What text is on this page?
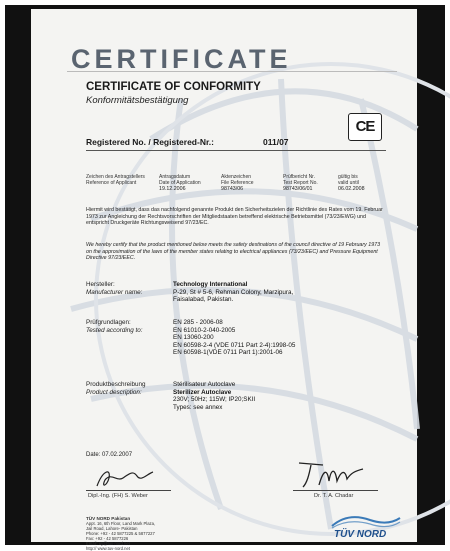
CERTIFICATE
CERTIFICATE OF CONFORMITY
Konformitätsbestätigung
CE
Registered No. / Registered-Nr.:	011/07
Zeichen des Antragstellers
Reference of Applicant
Antragsdatum
Date of Application
19.12.2006
Aktenzeichen
File Reference
98743/06
Prüfbericht Nr.
Test Report No.
98743/06/01
gültig bis
valid until
06.02.2008
Hiermit wird bestätigt, dass das nachfolgend genannte Produkt den Sicherheitszielen der Richtlinie des Rates vom 19. Februar 1973 zur Angleichung der Rechtsvorschriften der Mitgliedstaaten betreffend elektrische Betriebsmittel (73/23/EWG) und entspricht Druckgeräte Richtungsweisend 97/23/EC.
We hereby certify that the product mentioned below meets the safety destinations of the council directive of 19 February 1973 on the approximation of the laws of the member states relating to electrical appliances (73/23/EEC) and Pressure Equipment Directive 97/23/EEC.
Hersteller:
Manufacturer name:
Technology International
P-29, St # 5-6, Rehman Colony, Marzipura,
Faisalabad, Pakistan.
Prüfgrundlagen:
Tested according to:
EN 285 - 2006-08
EN 61010-2-040-2005
EN 13060-200
EN 60598-2-4 (VDE 0711 Part 2-4):1998-05
EN 60598-1(VDE 0711 Part 1):2001-06
Produktbeschreibung
Product description:
Stérilisateur Autoclave
Sterilizer Autoclave
230V; 50Hz; 115W; IP20;SKII
Types: see annex
Date: 07.02.2007
Dipl.-Ing. (FH) S. Weber	Dr. T. A. Chadar
TÜV NORD Pakistan
Appt. 16, 6th Floor, Land Mark Plaza,
Jail Road, Lahore- Pakistan
Phone: +92 - 42 5877225 & 5877227
Fax: +92 - 42 5877226
Email: uy@tuv-nord.net
http:// www.tuv-nord.net
TÜV NORD
